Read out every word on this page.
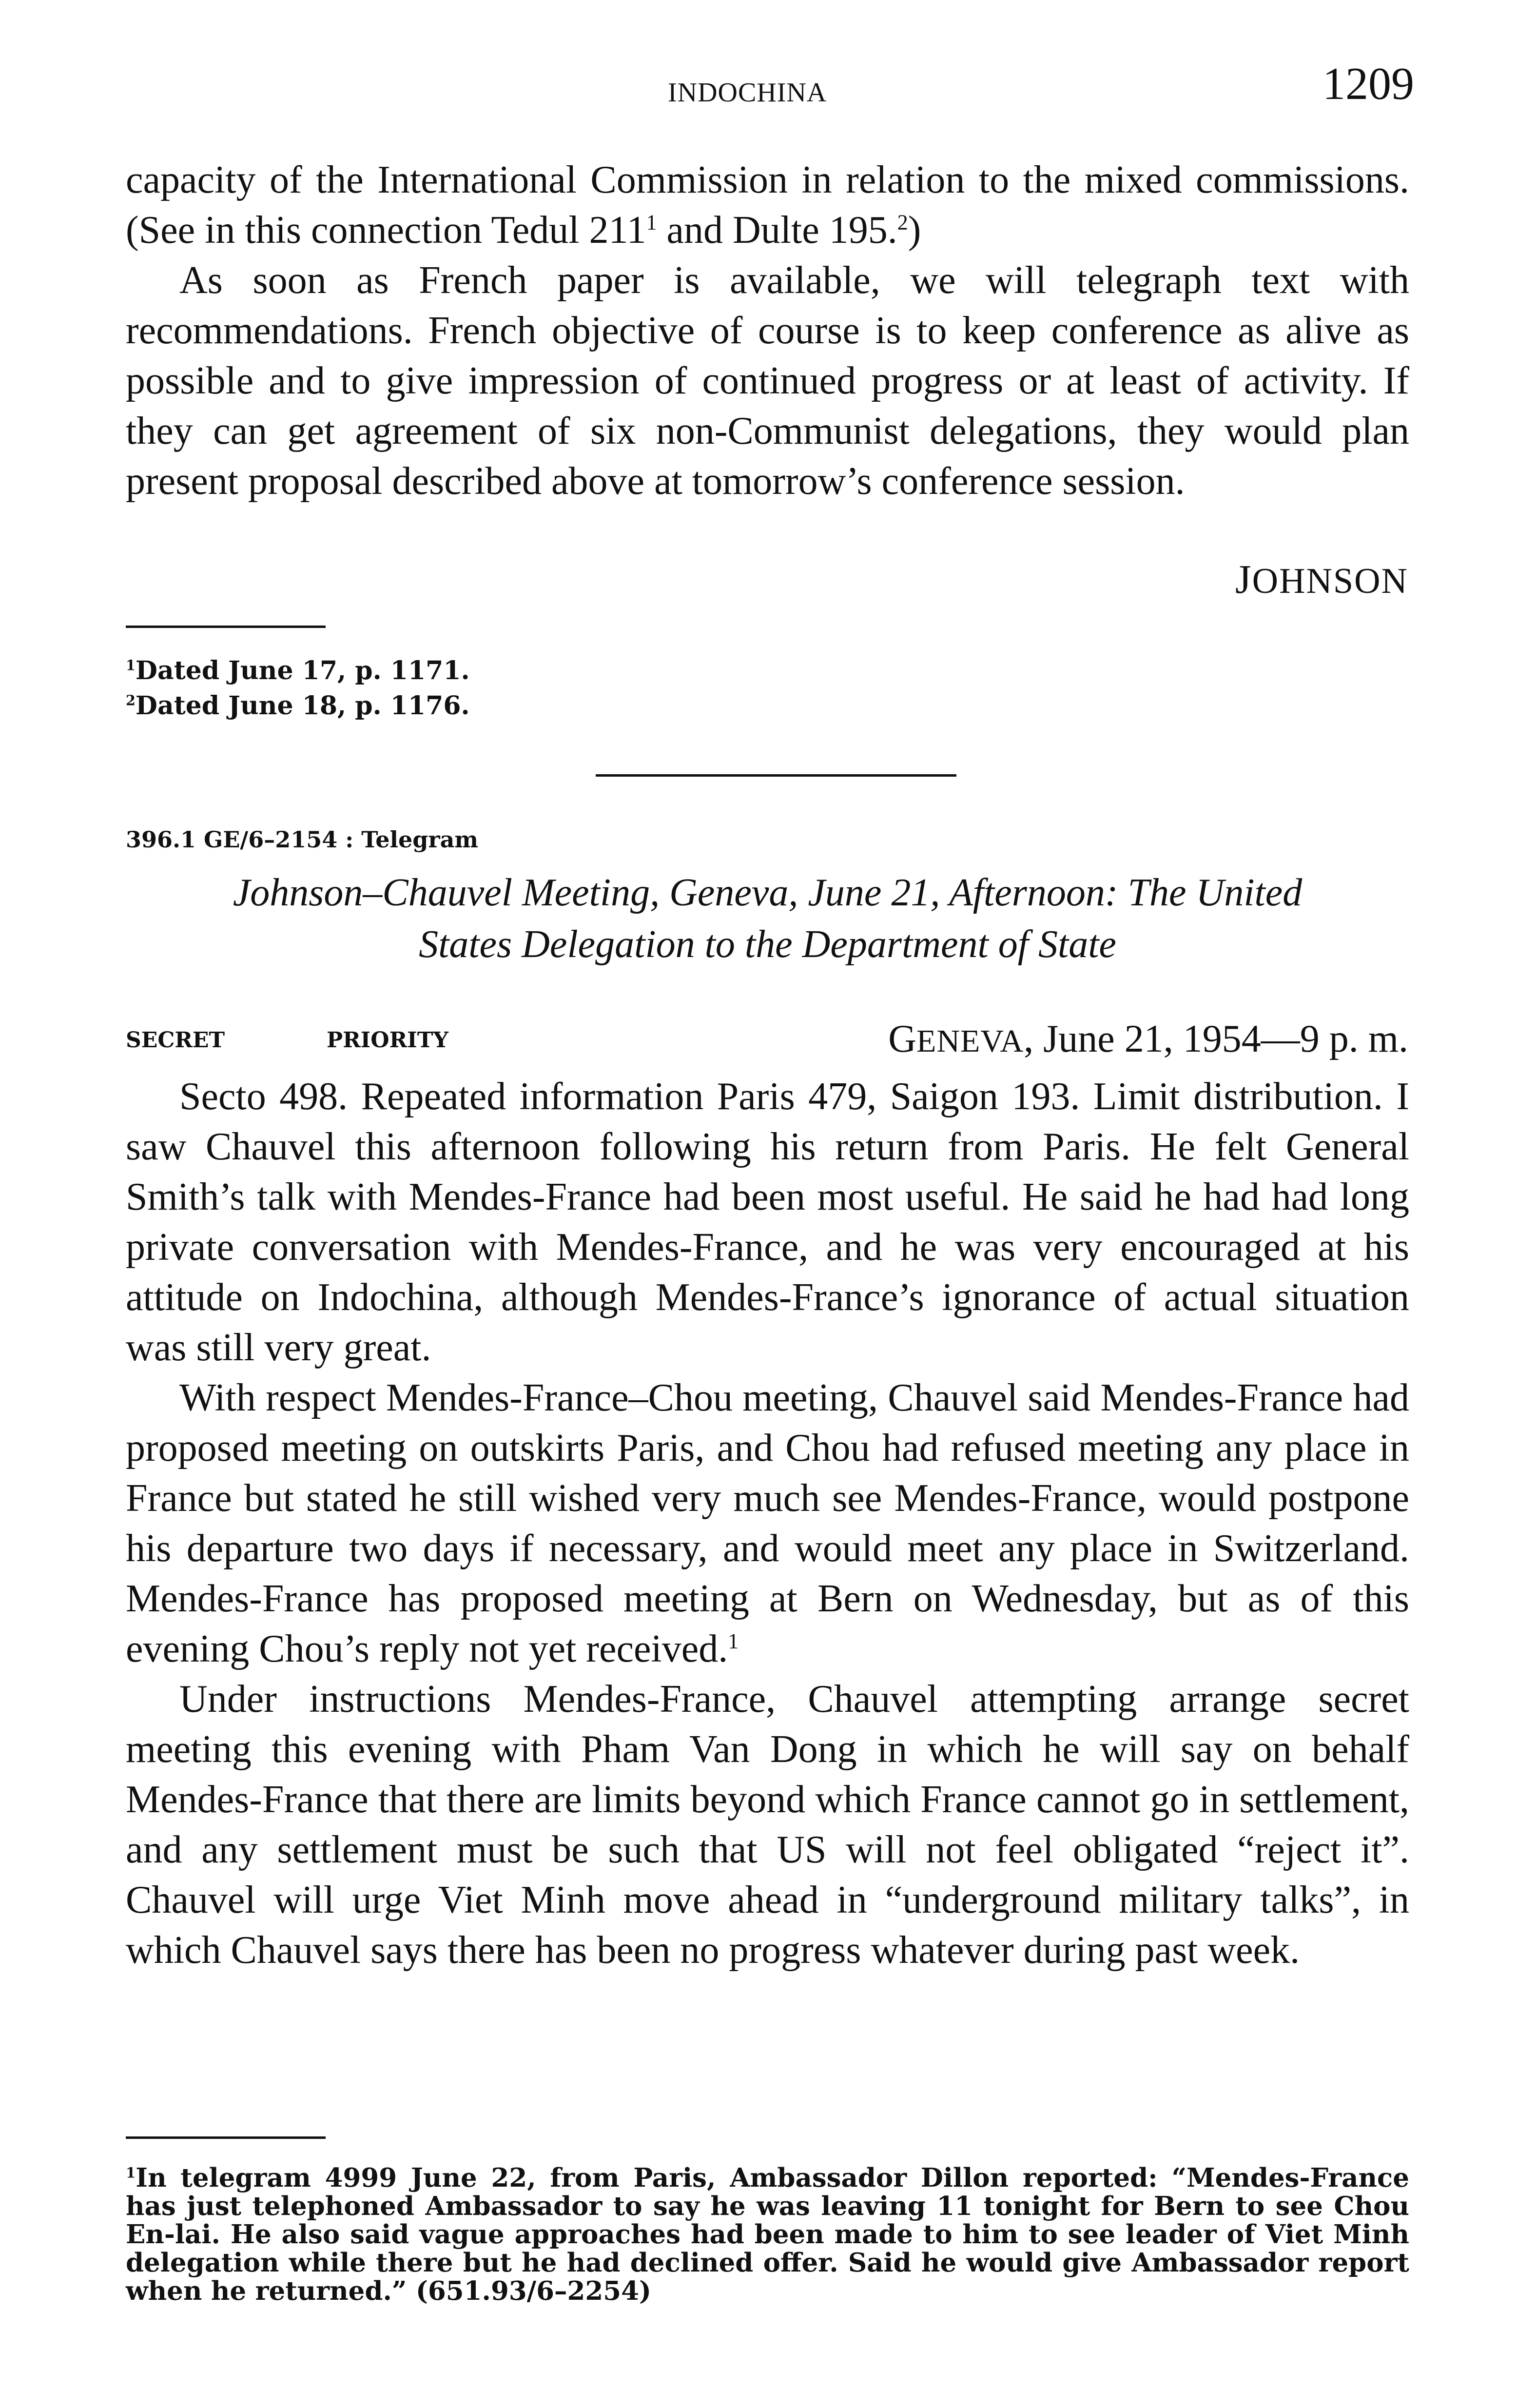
INDOCHINA	1209

capacity of the International Commission in relation to the mixed commissions. (See in this connection Tedul $211^1$ and Dulte 195.$^2$)

As soon as French paper is available, we will telegraph text with recommendations. French objective of course is to keep conference as alive as possible and to give impression of continued progress or at least of activity. If they can get agreement of six non-Communist delegations, they would plan present proposal described above at tomorrow’s conference session.

JOHNSON
$^1$Dated June 17, p. 1171.
$^2$Dated June 18, p. 1176.
396.1 GE/6–2154 : Telegram
Johnson–Chauvel Meeting, Geneva, June 21, Afternoon: The United
States Delegation to the Department of State
SECRET	PRIORITY	GENEVA, June 21, 1954—9 p. m.

Secto 498. Repeated information Paris 479, Saigon 193. Limit distribution. I saw Chauvel this afternoon following his return from Paris. He felt General Smith’s talk with Mendes-France had been most useful. He said he had had long private conversation with Mendes-France, and he was very encouraged at his attitude on Indochina, although Mendes-France’s ignorance of actual situation was still very great.

With respect Mendes-France–Chou meeting, Chauvel said Mendes-France had proposed meeting on outskirts Paris, and Chou had refused meeting any place in France but stated he still wished very much see Mendes-France, would postpone his departure two days if necessary, and would meet any place in Switzerland. Mendes-France has proposed meeting at Bern on Wednesday, but as of this evening Chou’s reply not yet received.$^1$

Under instructions Mendes-France, Chauvel attempting arrange secret meeting this evening with Pham Van Dong in which he will say on behalf Mendes-France that there are limits beyond which France cannot go in settlement, and any settlement must be such that US will not feel obligated “reject it”. Chauvel will urge Viet Minh move ahead in “underground military talks”, in which Chauvel says there has been no progress whatever during past week.

$^1$In telegram 4999 June 22, from Paris, Ambassador Dillon reported: “Mendes-France has just telephoned Ambassador to say he was leaving 11 tonight for Bern to see Chou En-lai. He also said vague approaches had been made to him to see leader of Viet Minh delegation while there but he had declined offer. Said he would give Ambassador report when he returned.” (651.93/6–2254)
